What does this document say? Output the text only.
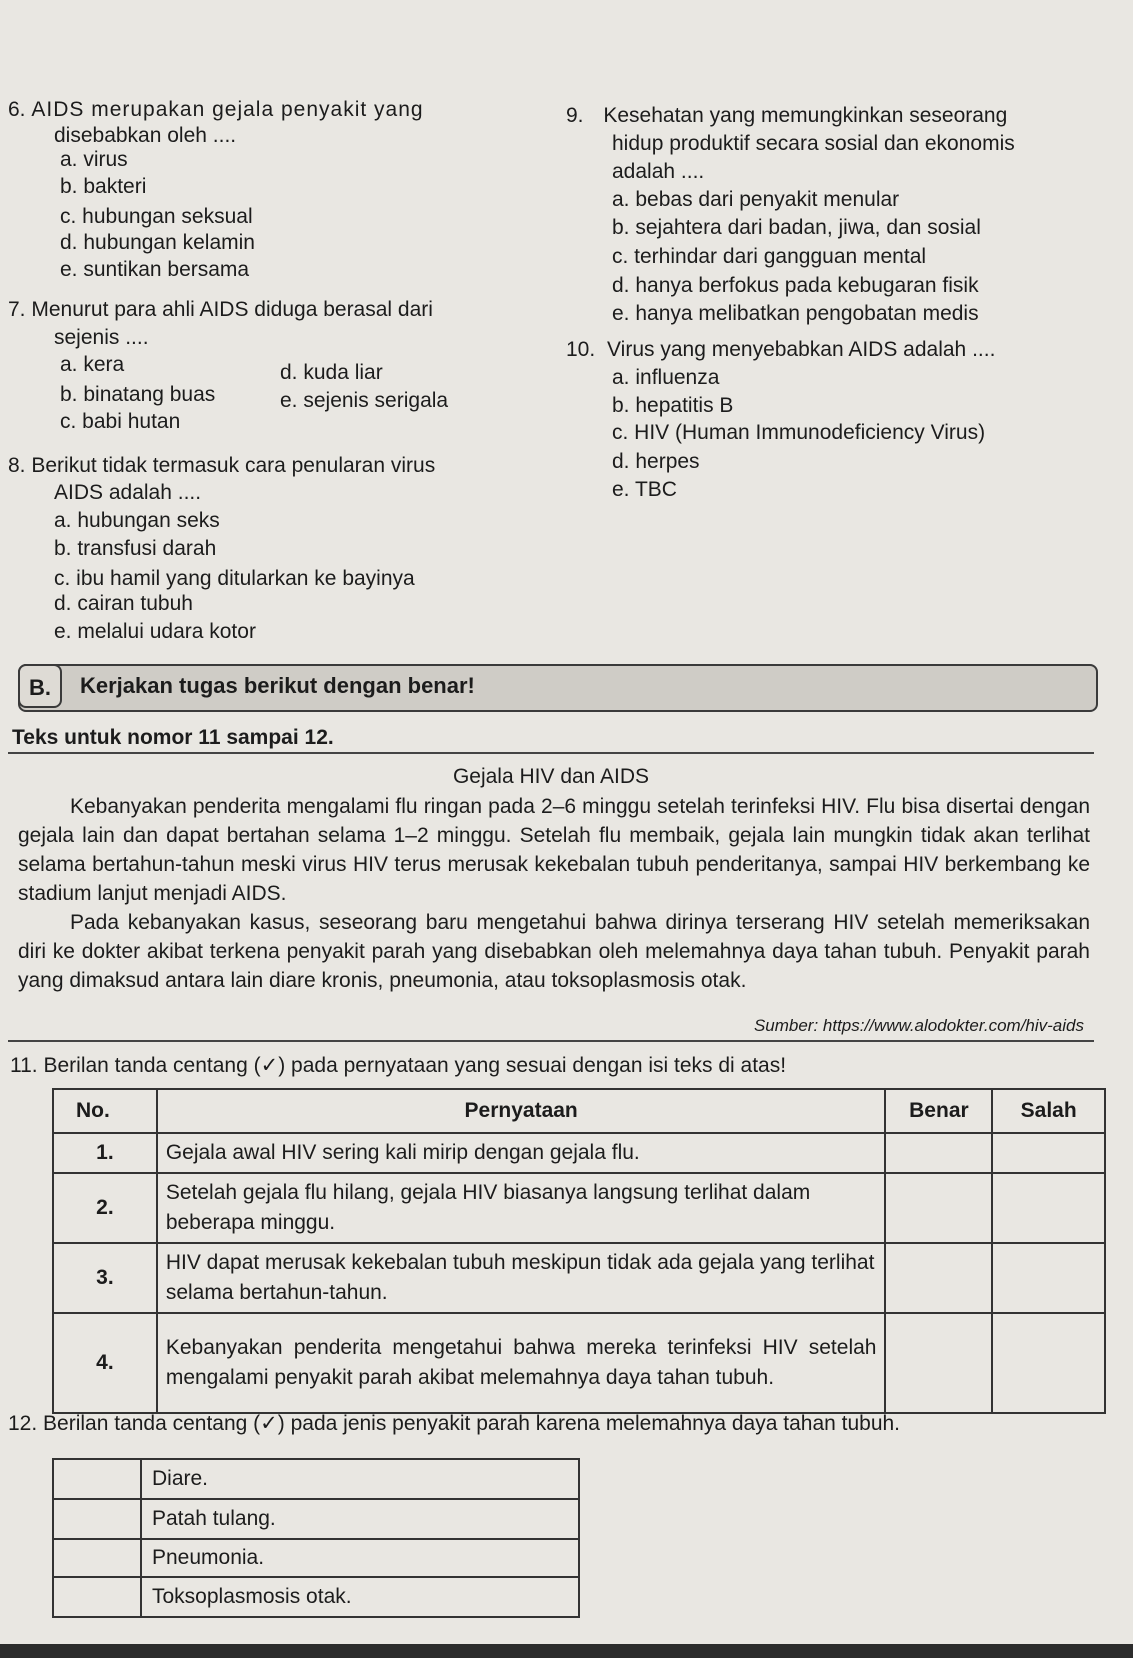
6. AIDS merupakan gejala penyakit yang
disebabkan oleh ....
a. virus
b. bakteri
c. hubungan seksual
d. hubungan kelamin
e. suntikan bersama
7. Menurut para ahli AIDS diduga berasal dari
sejenis ....
a. kera	d. kuda liar
b. binatang buas	e. sejenis serigala
c. babi hutan
8. Berikut tidak termasuk cara penularan virus
AIDS adalah ....
a. hubungan seks
b. transfusi darah
c. ibu hamil yang ditularkan ke bayinya
d. cairan tubuh
e. melalui udara kotor
9. Kesehatan yang memungkinkan seseorang
hidup produktif secara sosial dan ekonomis
adalah ....
a. bebas dari penyakit menular
b. sejahtera dari badan, jiwa, dan sosial
c. terhindar dari gangguan mental
d. hanya berfokus pada kebugaran fisik
e. hanya melibatkan pengobatan medis
10. Virus yang menyebabkan AIDS adalah ....
a. influenza
b. hepatitis B
c. HIV (Human Immunodeficiency Virus)
d. herpes
e. TBC
B.	Kerjakan tugas berikut dengan benar!
Teks untuk nomor 11 sampai 12.
Gejala HIV dan AIDS

Kebanyakan penderita mengalami flu ringan pada 2–6 minggu setelah terinfeksi HIV. Flu bisa disertai dengan gejala lain dan dapat bertahan selama 1–2 minggu. Setelah flu membaik, gejala lain mungkin tidak akan terlihat selama bertahun-tahun meski virus HIV terus merusak kekebalan tubuh penderitanya, sampai HIV berkembang ke stadium lanjut menjadi AIDS.

Pada kebanyakan kasus, seseorang baru mengetahui bahwa dirinya terserang HIV setelah memeriksakan diri ke dokter akibat terkena penyakit parah yang disebabkan oleh melemahnya daya tahan tubuh. Penyakit parah yang dimaksud antara lain diare kronis, pneumonia, atau toksoplasmosis otak.

Sumber: https://www.alodokter.com/hiv-aids
11. Berilan tanda centang (✓) pada pernyataan yang sesuai dengan isi teks di atas!
No.	Pernyataan	Benar	Salah
1.	Gejala awal HIV sering kali mirip dengan gejala flu.		
2.	Setelah gejala flu hilang, gejala HIV biasanya langsung terlihat dalam beberapa minggu.		
3.	HIV dapat merusak kekebalan tubuh meskipun tidak ada gejala yang terlihat selama bertahun-tahun.		
4.	Kebanyakan penderita mengetahui bahwa mereka terinfeksi HIV setelah mengalami penyakit parah akibat melemahnya daya tahan tubuh.		
12. Berilan tanda centang (✓) pada jenis penyakit parah karena melemahnya daya tahan tubuh.
	Diare.
	Patah tulang.
	Pneumonia.
	Toksoplasmosis otak.
